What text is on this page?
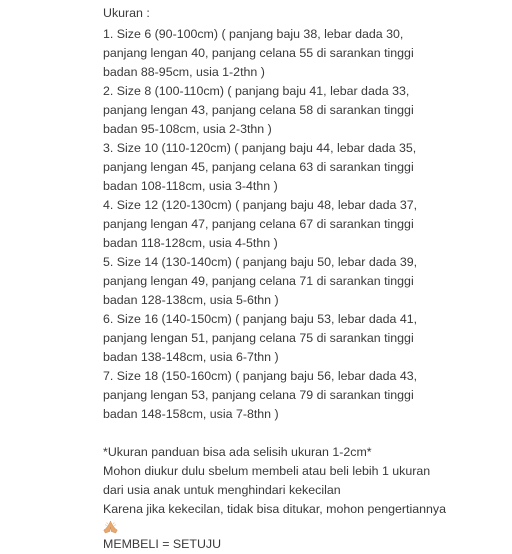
Ukuran :
1. Size 6 (90-100cm) ( panjang baju 38, lebar dada 30,
panjang lengan 40, panjang celana 55 di sarankan tinggi
badan 88-95cm, usia 1-2thn )
2. Size 8 (100-110cm) ( panjang baju 41, lebar dada 33,
panjang lengan 43, panjang celana 58 di sarankan tinggi
badan 95-108cm, usia 2-3thn )
3. Size 10 (110-120cm) ( panjang baju 44, lebar dada 35,
panjang lengan 45, panjang celana 63 di sarankan tinggi
badan 108-118cm, usia 3-4thn )
4. Size 12 (120-130cm) ( panjang baju 48, lebar dada 37,
panjang lengan 47, panjang celana 67 di sarankan tinggi
badan 118-128cm, usia 4-5thn )
5. Size 14 (130-140cm) ( panjang baju 50, lebar dada 39,
panjang lengan 49, panjang celana 71 di sarankan tinggi
badan 128-138cm, usia 5-6thn )
6. Size 16 (140-150cm) ( panjang baju 53, lebar dada 41,
panjang lengan 51, panjang celana 75 di sarankan tinggi
badan 138-148cm, usia 6-7thn )
7. Size 18 (150-160cm) ( panjang baju 56, lebar dada 43,
panjang lengan 53, panjang celana 79 di sarankan tinggi
badan 148-158cm, usia 7-8thn )
*Ukuran panduan bisa ada selisih ukuran 1-2cm*
Mohon diukur dulu sbelum membeli atau beli lebih 1 ukuran
dari usia anak untuk menghindari kekecilan
Karena jika kekecilan, tidak bisa ditukar, mohon pengertiannya
MEMBELI = SETUJU
